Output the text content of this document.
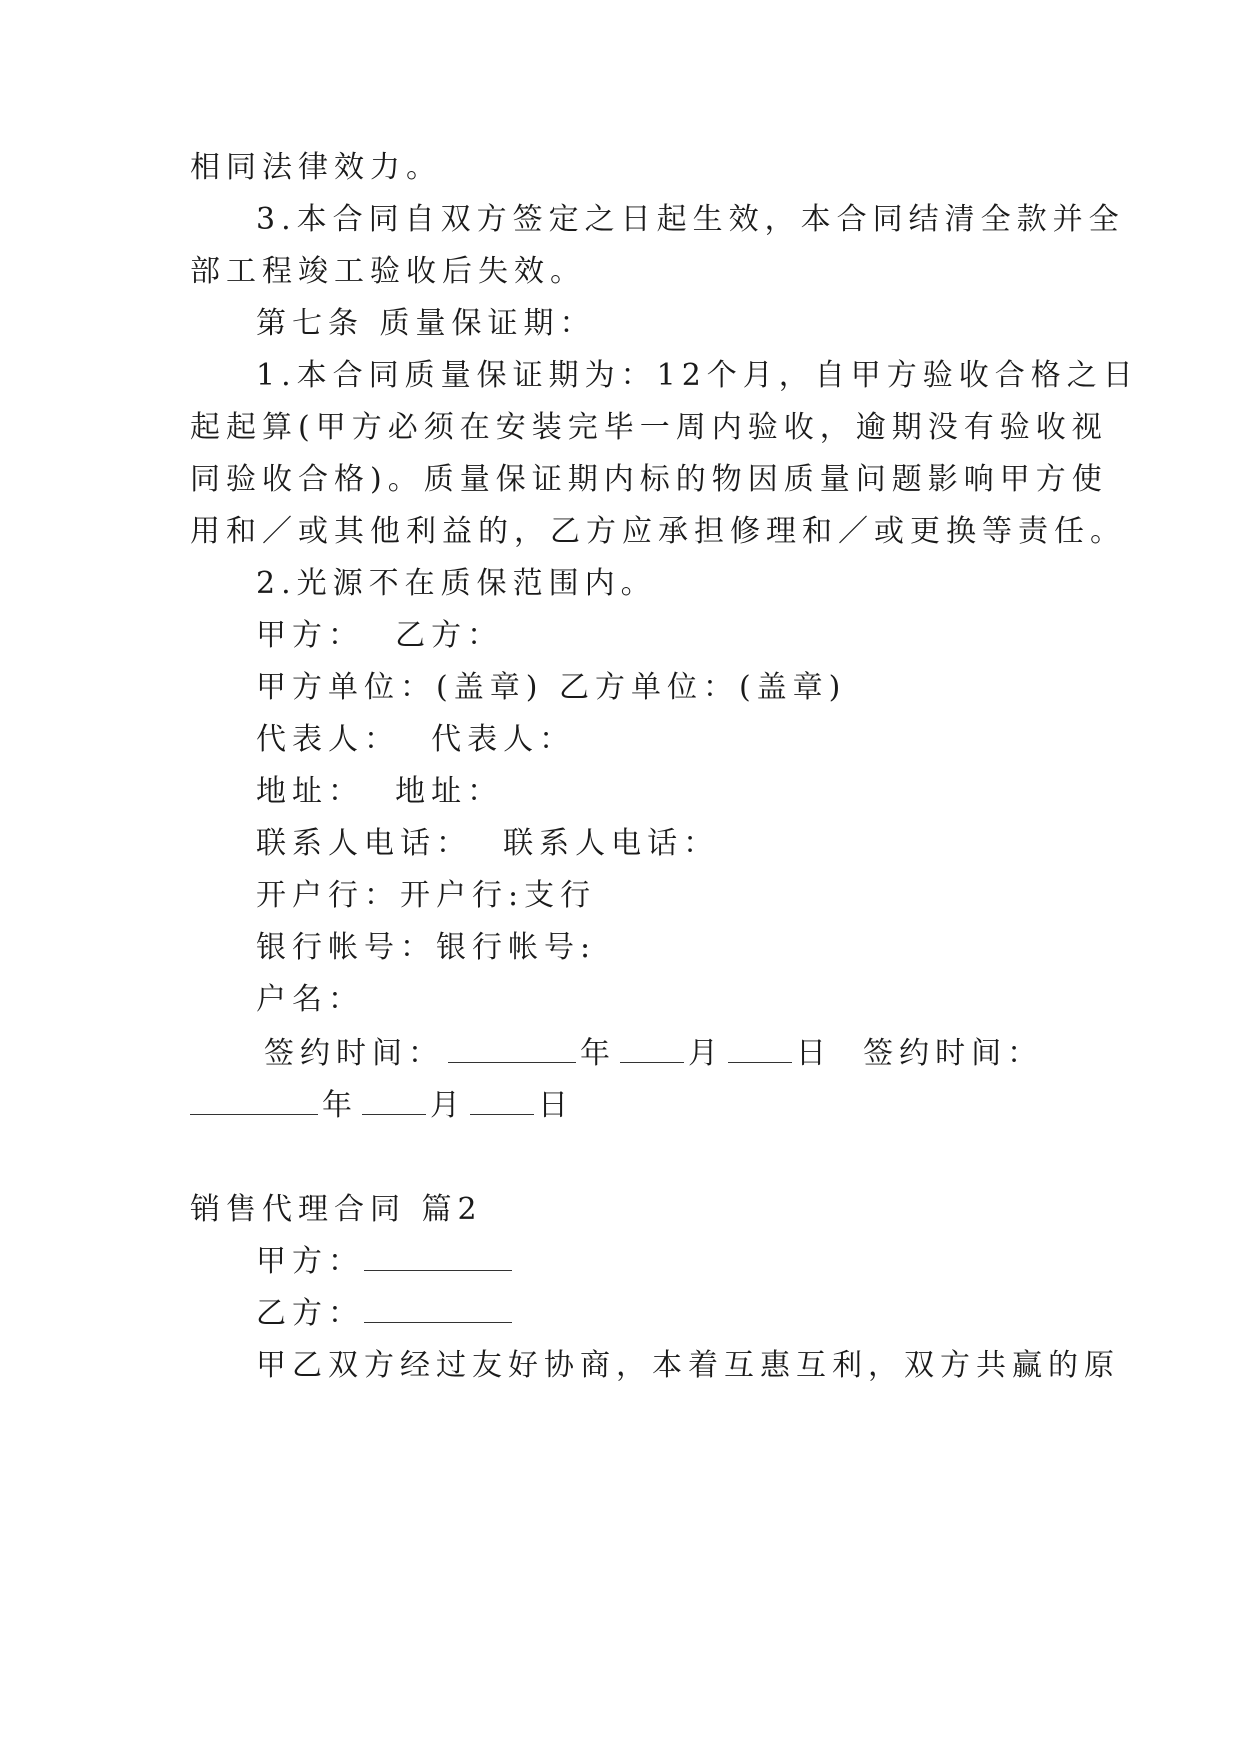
相同法律效力。
3.本合同自双方签定之日起生效，本合同结清全款并全
部工程竣工验收后失效。
第七条 质量保证期：
1.本合同质量保证期为：12个月，自甲方验收合格之日
起起算(甲方必须在安装完毕一周内验收，逾期没有验收视
同验收合格)。质量保证期内标的物因质量问题影响甲方使
用和／或其他利益的，乙方应承担修理和／或更换等责任。
2.光源不在质保范围内。
甲方：  乙方：
甲方单位：(盖章) 乙方单位：(盖章)
代表人：  代表人：
地址：  地址：
联系人电话：  联系人电话：
开户行：开户行:支行
银行帐号：银行帐号:
户名：
签约时间：	年 月 日 签约时间：
年 月 日
销售代理合同 篇2
甲方：
乙方：
甲乙双方经过友好协商，本着互惠互利，双方共赢的原
